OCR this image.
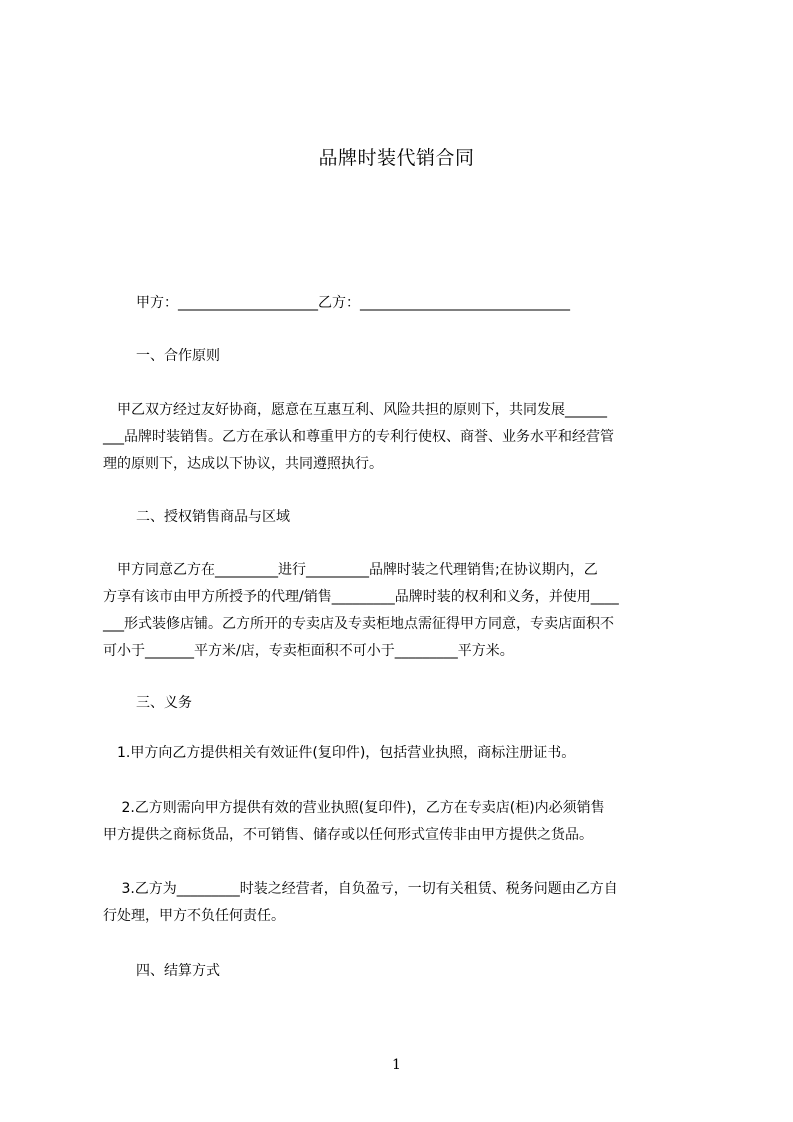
品牌时装代销合同
甲方：____________________乙方：______________________________
一、合作原则
　甲乙双方经过友好协商，愿意在互惠互利、风险共担的原则下，共同发展______
___品牌时装销售。乙方在承认和尊重甲方的专利行使权、商誉、业务水平和经营管
理的原则下，达成以下协议，共同遵照执行。
二、授权销售商品与区域
　甲方同意乙方在_________进行_________品牌时装之代理销售;在协议期内，乙
方享有该市由甲方所授予的代理/销售_________品牌时装的权利和义务，并使用____
___形式装修店铺。乙方所开的专卖店及专卖柜地点需征得甲方同意，专卖店面积不
可小于_______平方米/店，专卖柜面积不可小于_________平方米。
三、义务
　1.甲方向乙方提供相关有效证件(复印件)，包括营业执照，商标注册证书。
　 2.乙方则需向甲方提供有效的营业执照(复印件)，乙方在专卖店(柜)内必须销售
甲方提供之商标货品，不可销售、储存或以任何形式宣传非由甲方提供之货品。
　 3.乙方为_________时装之经营者，自负盈亏，一切有关租赁、税务问题由乙方自
行处理，甲方不负任何责任。
四、结算方式
1
